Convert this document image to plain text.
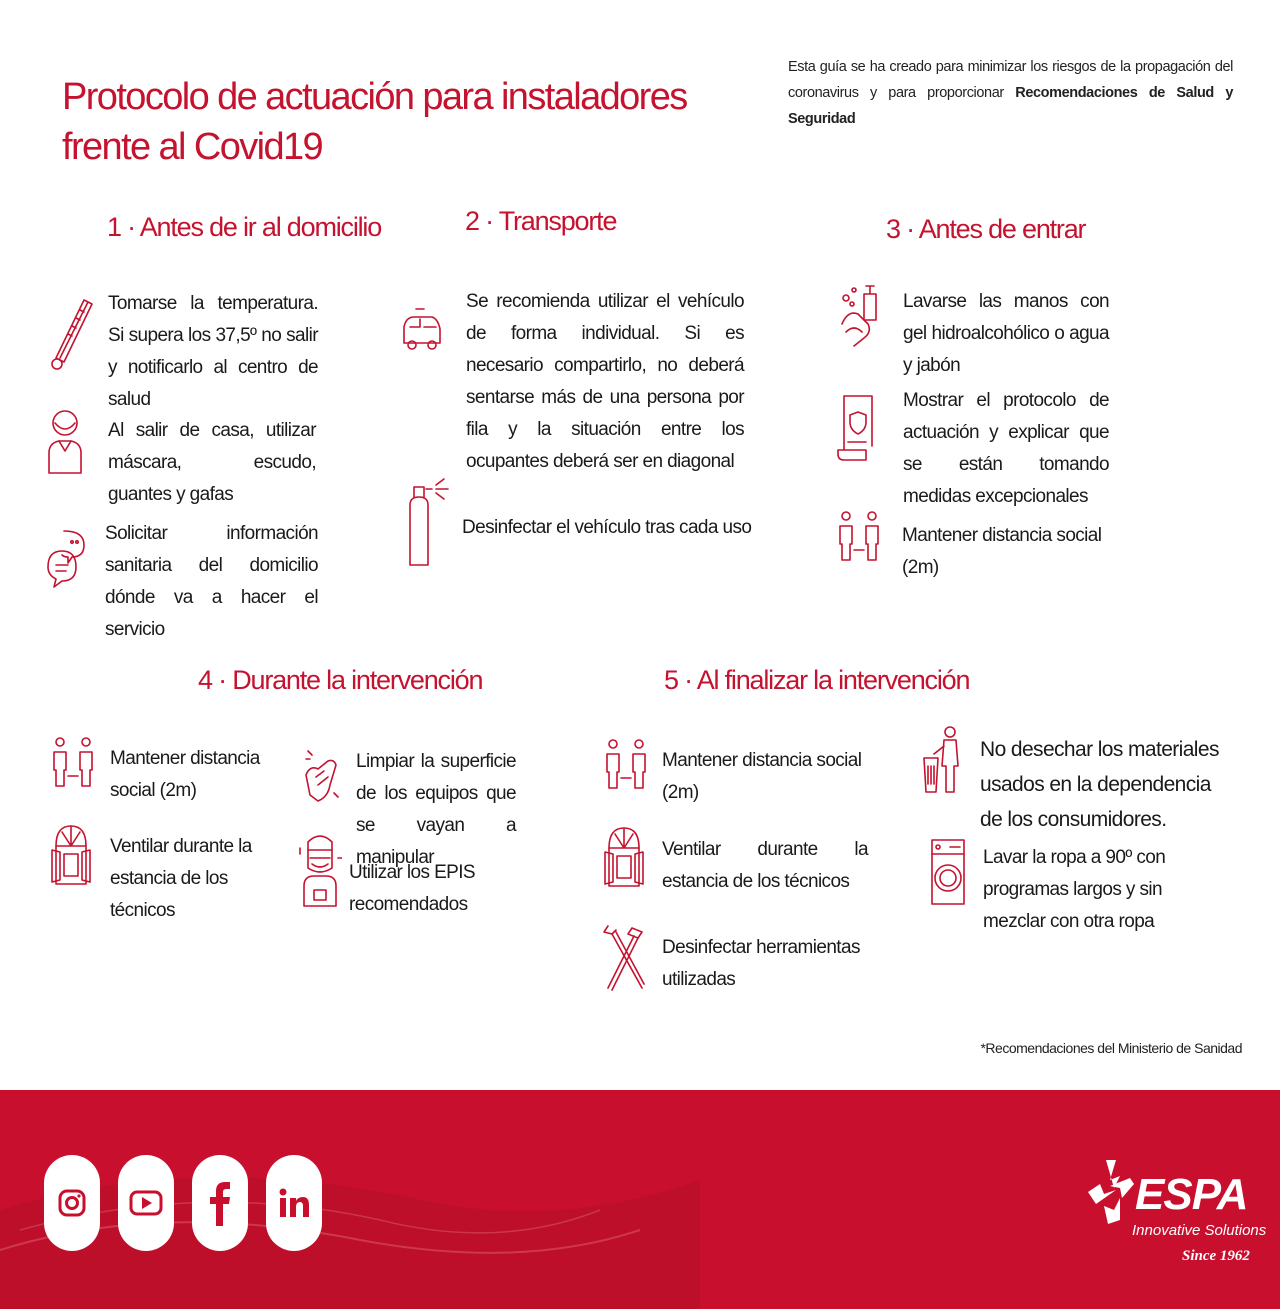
Protocolo de actuación para instaladores frente al Covid19
Esta guía se ha creado para minimizar los riesgos de la propagación del coronavirus y para proporcionar Recomendaciones de Salud y Seguridad
1 · Antes de ir al domicilio
Tomarse la temperatura. Si supera los 37,5º no salir y notificarlo al centro de salud
Al salir de casa, utilizar máscara, escudo, guantes y gafas
Solicitar información sanitaria del domicilio dónde va a hacer el servicio
2 · Transporte
Se recomienda utilizar el vehículo de forma individual. Si es necesario compartirlo, no deberá sentarse más de una persona por fila y la situación entre los ocupantes deberá ser en diagonal
Desinfectar el vehículo tras cada uso
3 · Antes de entrar
Lavarse las manos con gel hidroalcohólico o agua y jabón
Mostrar el protocolo de actuación y explicar que se están tomando medidas excepcionales
Mantener distancia social (2m)
4 · Durante la intervención
Mantener distancia social (2m)
Ventilar durante la estancia de los técnicos
Limpiar la superficie de los equipos que se vayan a manipular
Utilizar los EPIS recomendados
5 · Al finalizar la intervención
Mantener distancia social (2m)
Ventilar durante la estancia de los técnicos
Desinfectar herramientas utilizadas
No desechar los materiales usados en la dependencia de los consumidores.
Lavar la ropa a 90º con programas largos y sin mezclar con otra ropa
*Recomendaciones del Ministerio de Sanidad
ESPA
Innovative Solutions
Since 1962
